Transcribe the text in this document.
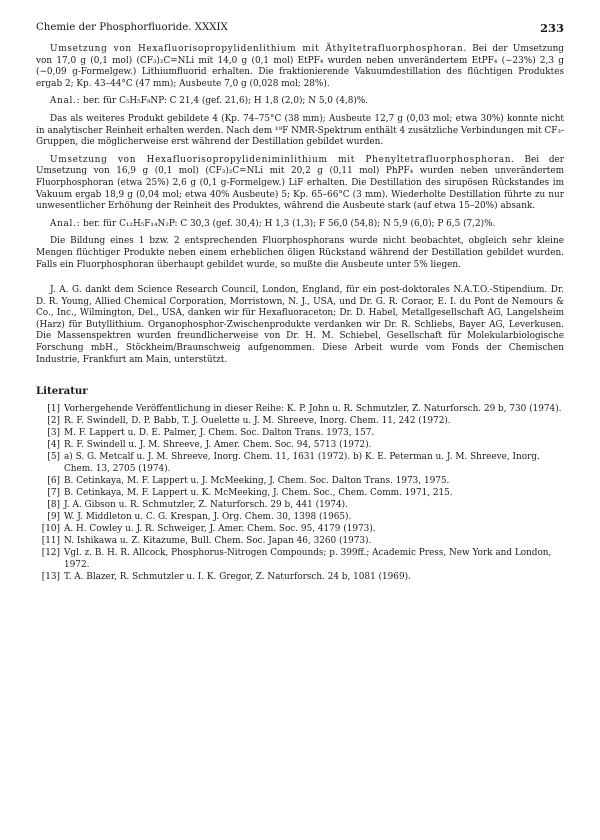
Chemie der Phosphorfluoride. XXXIX	233

Umsetzung von Hexafluorisopropylidenlithium mit Äthyltetrafluorphosphoran. Bei der Umsetzung von 17,0 g (0,1 mol) (CF₃)₂C=NLi mit 14,0 g (0,1 mol) EtPF₄ wurden neben unverändertem EtPF₄ (∼23%) 2,3 g (∼0,09 g-Formelgew.) Lithiumfluorid erhalten. Die fraktionierende Vakuumdestillation des flüchtigen Produktes ergab 2; Kp. 43–44°C (47 mm); Ausbeute 7,0 g (0,028 mol; 28%).

Anal.: ber. für C₅H₅F₉NP: C 21,4 (gef. 21,6); H 1,8 (2,0); N 5,0 (4,8)%.

Das als weiteres Produkt gebildete 4 (Kp. 74–75°C (38 mm); Ausbeute 12,7 g (0,03 mol; etwa 30%) konnte nicht in analytischer Reinheit erhalten werden. Nach dem ¹⁹F NMR-Spektrum enthält 4 zusätzliche Verbindungen mit CF₃-Gruppen, die möglicherweise erst während der Destillation gebildet wurden.

Umsetzung von Hexafluorisopropylideniminlithium mit Phenyltetrafluorphosphoran. Bei der Umsetzung von 16,9 g (0,1 mol) (CF₃)₂C=NLi mit 20,2 g (0,11 mol) PhPF₄ wurden neben unverändertem Fluorphosphoran (etwa 25%) 2,6 g (0,1 g-Formelgew.) LiF erhalten. Die Destillation des sirupösen Rückstandes im Vakuum ergab 18,9 g (0,04 mol; etwa 40% Ausbeute) 5; Kp. 65–66°C (3 mm). Wiederholte Destillation führte zu nur unwesentlicher Erhöhung der Reinheit des Produktes, während die Ausbeute stark (auf etwa 15–20%) absank.

Anal.: ber. für C₁₂H₅F₁₄N₂P: C 30,3 (gef. 30,4); H 1,3 (1,3); F 56,0 (54,8); N 5,9 (6,0); P 6,5 (7,2)%.

Die Bildung eines 1 bzw. 2 entsprechenden Fluorphosphorans wurde nicht beobachtet, obgleich sehr kleine Mengen flüchtiger Produkte neben einem erheblichen öligen Rückstand während der Destillation gebildet wurden. Falls ein Fluorphosphoran überhaupt gebildet wurde, so mußte die Ausbeute unter 5% liegen.

J. A. G. dankt dem Science Research Council, London, England, für ein post-doktorales N.A.T.O.-Stipendium. Dr. D. R. Young, Allied Chemical Corporation, Morristown, N. J., USA, und Dr. G. R. Coraor, E. I. du Pont de Nemours & Co., Inc., Wilmington, Del., USA, danken wir für Hexafluoraceton; Dr. D. Habel, Metallgesellschaft AG, Langelsheim (Harz) für Butyllithium. Organophosphor-Zwischenprodukte verdanken wir Dr. R. Schliebs, Bayer AG, Leverkusen. Die Massenspektren wurden freundlicherweise von Dr. H. M. Schiebel, Gesellschaft für Molekularbiologische Forschung mbH., Stöckheim/Braunschweig aufgenommen. Diese Arbeit wurde vom Fonds der Chemischen Industrie, Frankfurt am Main, unterstützt.

Literatur
[1] Vorhergehende Veröffentlichung in dieser Reihe: K. P. John u. R. Schmutzler, Z. Naturforsch. 29 b, 730 (1974).
[2] R. F. Swindell, D. P. Babb, T. J. Ouelette u. J. M. Shreeve, Inorg. Chem. 11, 242 (1972).
[3] M. F. Lappert u. D. E. Palmer, J. Chem. Soc. Dalton Trans. 1973, 157.
[4] R. F. Swindell u. J. M. Shreeve, J. Amer. Chem. Soc. 94, 5713 (1972).
[5] a) S. G. Metcalf u. J. M. Shreeve, Inorg. Chem. 11, 1631 (1972). b) K. E. Peterman u. J. M. Shreeve, Inorg. Chem. 13, 2705 (1974).
[6] B. Cetinkaya, M. F. Lappert u. J. McMeeking, J. Chem. Soc. Dalton Trans. 1973, 1975.
[7] B. Cetinkaya, M. F. Lappert u. K. McMeeking, J. Chem. Soc., Chem. Comm. 1971, 215.
[8] J. A. Gibson u. R. Schmutzler, Z. Naturforsch. 29 b, 441 (1974).
[9] W. J. Middleton u. C. G. Krespan, J. Org. Chem. 30, 1398 (1965).
[10] A. H. Cowley u. J. R. Schweiger, J. Amer. Chem. Soc. 95, 4179 (1973).
[11] N. Ishikawa u. Z. Kitazume, Bull. Chem. Soc. Japan 46, 3260 (1973).
[12] Vgl. z. B. H. R. Allcock, Phosphorus-Nitrogen Compounds; p. 399ff.; Academic Press, New York and London, 1972.
[13] T. A. Blazer, R. Schmutzler u. I. K. Gregor, Z. Naturforsch. 24 b, 1081 (1969).
